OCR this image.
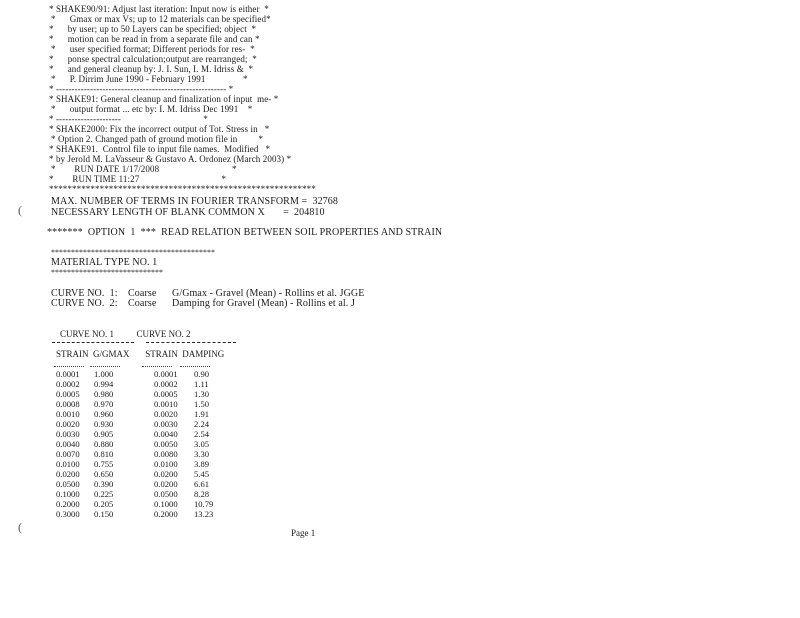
* SHAKE90/91: Adjust last iteration: Input now is either  *
*      Gmax or max Vs; up to 12 materials can be specified*
*      by user; up to 50 Layers can be specified; object  *
*      motion can be read in from a separate file and can *
*      user specified format; Different periods for res-  *
*      ponse spectral calculation;output are rearranged;  *
*      and general cleanup by: J. I. Sun, I. M. Idriss &  *
*      P. Dirrim June 1990 - February 1991                *
* ------------------------------------------------------- *
* SHAKE91: General cleanup and finalization of input  me- *
*      output format ... etc by: I. M. Idriss Dec 1991    *
* ---------------------                                   *
* SHAKE2000: Fix the incorrect output of Tot. Stress in   *
* Option 2. Changed path of ground motion file in         *
* SHAKE91.  Control file to input file names.  Modified   *
* by Jerold M. LaVasseur & Gustavo A. Ordonez (March 2003) *
*        RUN DATE 1/17/2008                               *
*        RUN TIME 11:27                                   *
**********************************************************
MAX. NUMBER OF TERMS IN FOURIER TRANSFORM = 32768
NECESSARY LENGTH OF BLANK COMMON X       = 204810
*******  OPTION  1  ***  READ RELATION BETWEEN SOIL PROPERTIES AND STRAIN
*****************************************
MATERIAL TYPE NO. 1
****************************
CURVE NO.  1: Coarse G/Gmax - Gravel (Mean) - Rollins et al. JGGE
CURVE NO.  2: Coarse Damping for Gravel (Mean) - Rollins et al. J
CURVE NO. 1	CURVE NO. 2
STRAIN G/GMAX STRAIN DAMPING
0.0001	1.000	0.0001	0.90
0.0002	0.994	0.0002	1.11
0.0005	0.980	0.0005	1.30
0.0008	0.970	0.0010	1.50
0.0010	0.960	0.0020	1.91
0.0020	0.930	0.0030	2.24
0.0030	0.905	0.0040	2.54
0.0040	0.880	0.0050	3.05
0.0070	0.810	0.0080	3.30
0.0100	0.755	0.0100	3.89
0.0200	0.650	0.0200	5.45
0.0500	0.390	0.0200	6.61
0.1000	0.225	0.0500	8.28
0.2000	0.205	0.1000	10.79
0.3000	0.150	0.2000	13.23
Page 1
(
(
